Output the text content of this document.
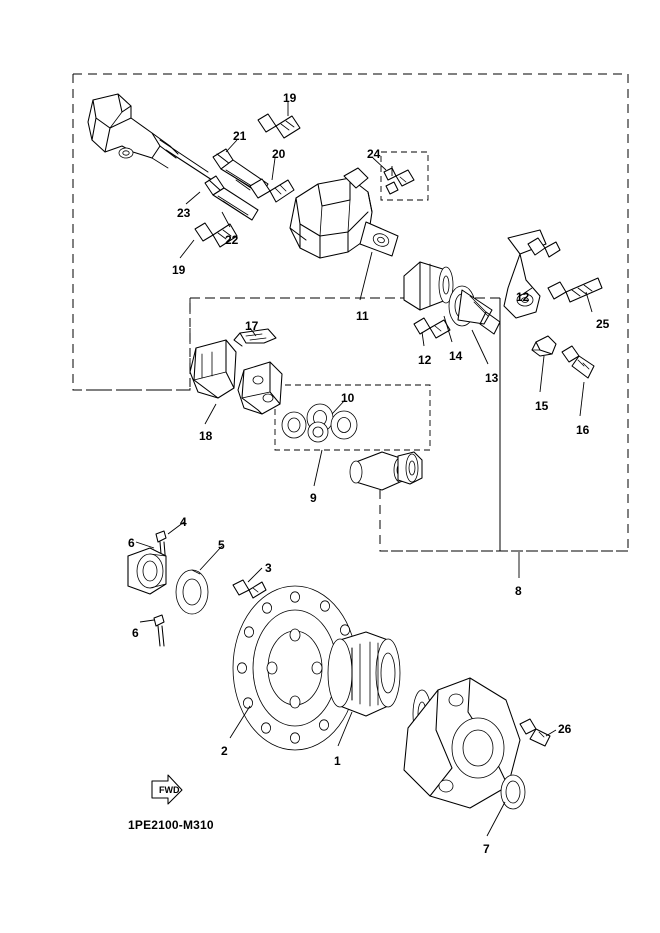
19
21
20	24
23
22
19
12
25
11
12 14
13
15
16
17
10
18
9
8
4
6	5
3
6
2
1
26
7
FWD
1PE2100-M310
